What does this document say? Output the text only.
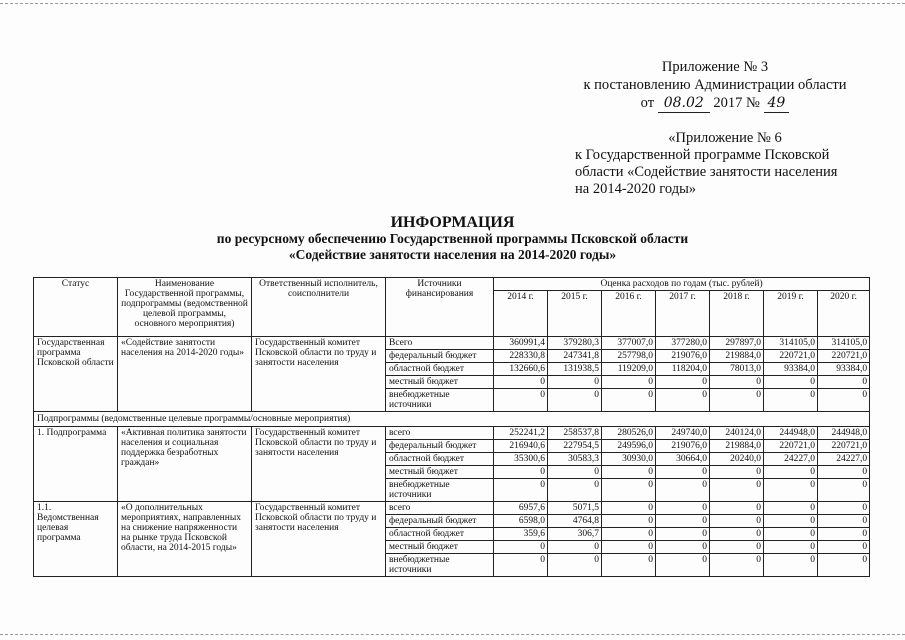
Приложение № 3
к постановлению Администрации области
от 08.02 2017 № 49
«Приложение № 6
к Государственной программе Псковской
области «Содействие занятости населения
на 2014-2020 годы»
ИНФОРМАЦИЯ
по ресурсному обеспечению Государственной программы Псковской области
«Содействие занятости населения на 2014-2020 годы»
Статус	Наименование Государственной программы, подпрограммы (ведомственной целевой программы, основного мероприятия)	Ответственный исполнитель, соисполнители	Источники финансирования	Оценка расходов по годам (тыс. рублей)						
				2014 г.	2015 г.	2016 г.	2017 г.	2018 г.	2019 г.	2020 г.
Государственная программа Псковской области	«Содействие занятости населения на 2014-2020 годы»	Государственный комитет Псковской области по труду и занятости населения	Всего	360991,4	379280,3	377007,0	377280,0	297897,0	314105,0	314105,0
			федеральный бюджет	228330,8	247341,8	257798,0	219076,0	219884,0	220721,0	220721,0
			областной бюджет	132660,6	131938,5	119209,0	118204,0	78013,0	93384,0	93384,0
			местный бюджет	0	0	0	0	0	0	0
			внебюджетные источники	0	0	0	0	0	0	0
Подпрограммы (ведомственные целевые программы/основные мероприятия)										
1. Подпрограмма	«Активная политика занятости населения и социальная поддержка безработных граждан»	Государственный комитет Псковской области по труду и занятости населения	всего	252241,2	258537,8	280526,0	249740,0	240124,0	244948,0	244948,0
			федеральный бюджет	216940,6	227954,5	249596,0	219076,0	219884,0	220721,0	220721,0
			областной бюджет	35300,6	30583,3	30930,0	30664,0	20240,0	24227,0	24227,0
			местный бюджет	0	0	0	0	0	0	0
			внебюджетные источники	0	0	0	0	0	0	0
1.1. Ведомственная целевая программа	«О дополнительных мероприятиях, направленных на снижение напряженности на рынке труда Псковской области, на 2014-2015 годы»	Государственный комитет Псковской области по труду и занятости населения	всего	6957,6	5071,5	0	0	0	0	0
			федеральный бюджет	6598,0	4764,8	0	0	0	0	0
			областной бюджет	359,6	306,7	0	0	0	0	0
			местный бюджет	0	0	0	0	0	0	0
			внебюджетные источники	0	0	0	0	0	0	0
